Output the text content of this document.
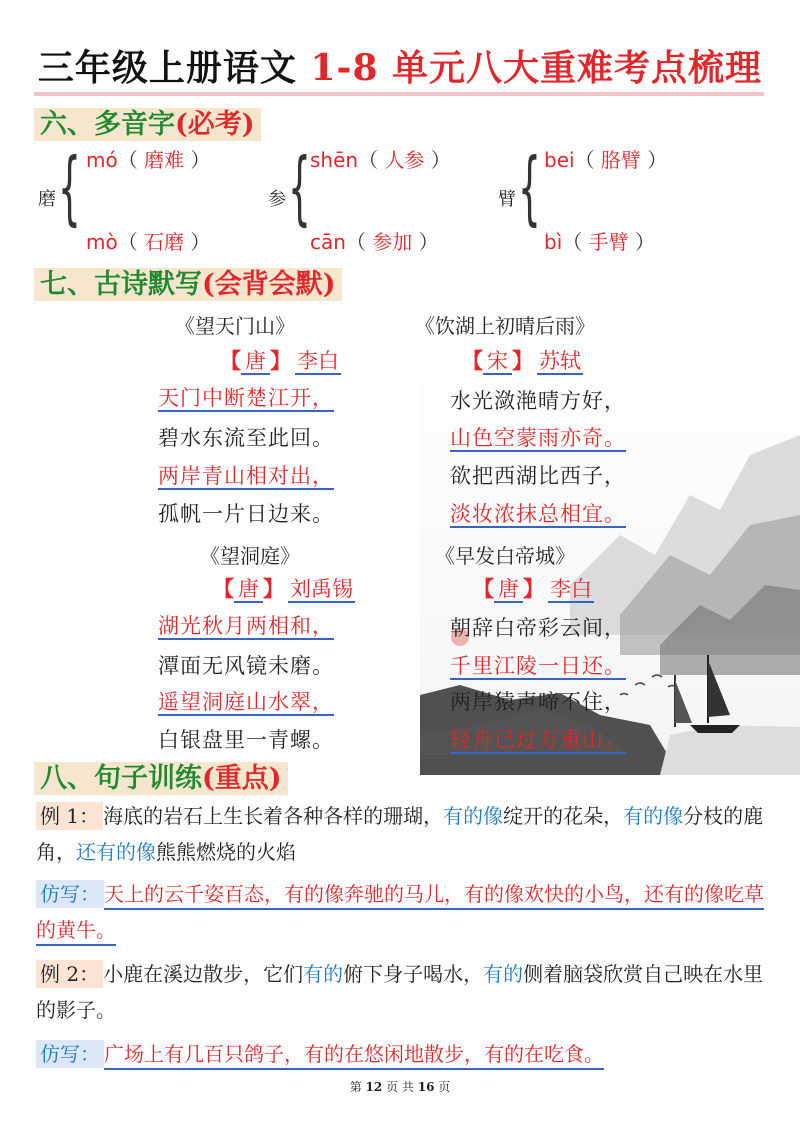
三年级上册语文 1-8 单元八大重难考点梳理
六、多音字(必考)
磨 { mó（ 磨难 ）
mò（ 石磨 ）
参 { shēn（ 人参 ）
cān（ 参加 ）
臂 { bei（ 胳臂 ）
bì（ 手臂 ）
七、古诗默写(会背会默)
《望天门山》
【 唐 】 李白
天门中断楚江开，
碧水东流至此回。
两岸青山相对出，
孤帆一片日边来。
《饮湖上初晴后雨》
【 宋 】 苏轼
水光潋滟晴方好，
山色空蒙雨亦奇。
欲把西湖比西子，
淡妆浓抹总相宜。
《望洞庭》
【 唐 】 刘禹锡
湖光秋月两相和，
潭面无风镜未磨。
遥望洞庭山水翠，
白银盘里一青螺。
《早发白帝城》
【 唐 】 李白
朝辞白帝彩云间，
千里江陵一日还。
两岸猿声啼不住，
轻舟已过万重山。
八、句子训练(重点)
例 1： 海底的岩石上生长着各种各样的珊瑚，有的像绽开的花朵，有的像分枝的鹿角，还有的像熊熊燃烧的火焰
仿写： 天上的云千姿百态，有的像奔驰的马儿，有的像欢快的小鸟，还有的像吃草的黄牛。
例 2： 小鹿在溪边散步，它们有的俯下身子喝水，有的侧着脑袋欣赏自己映在水里的影子。
仿写： 广场上有几百只鸽子，有的在悠闲地散步，有的在吃食。
第 12 页 共 16 页
